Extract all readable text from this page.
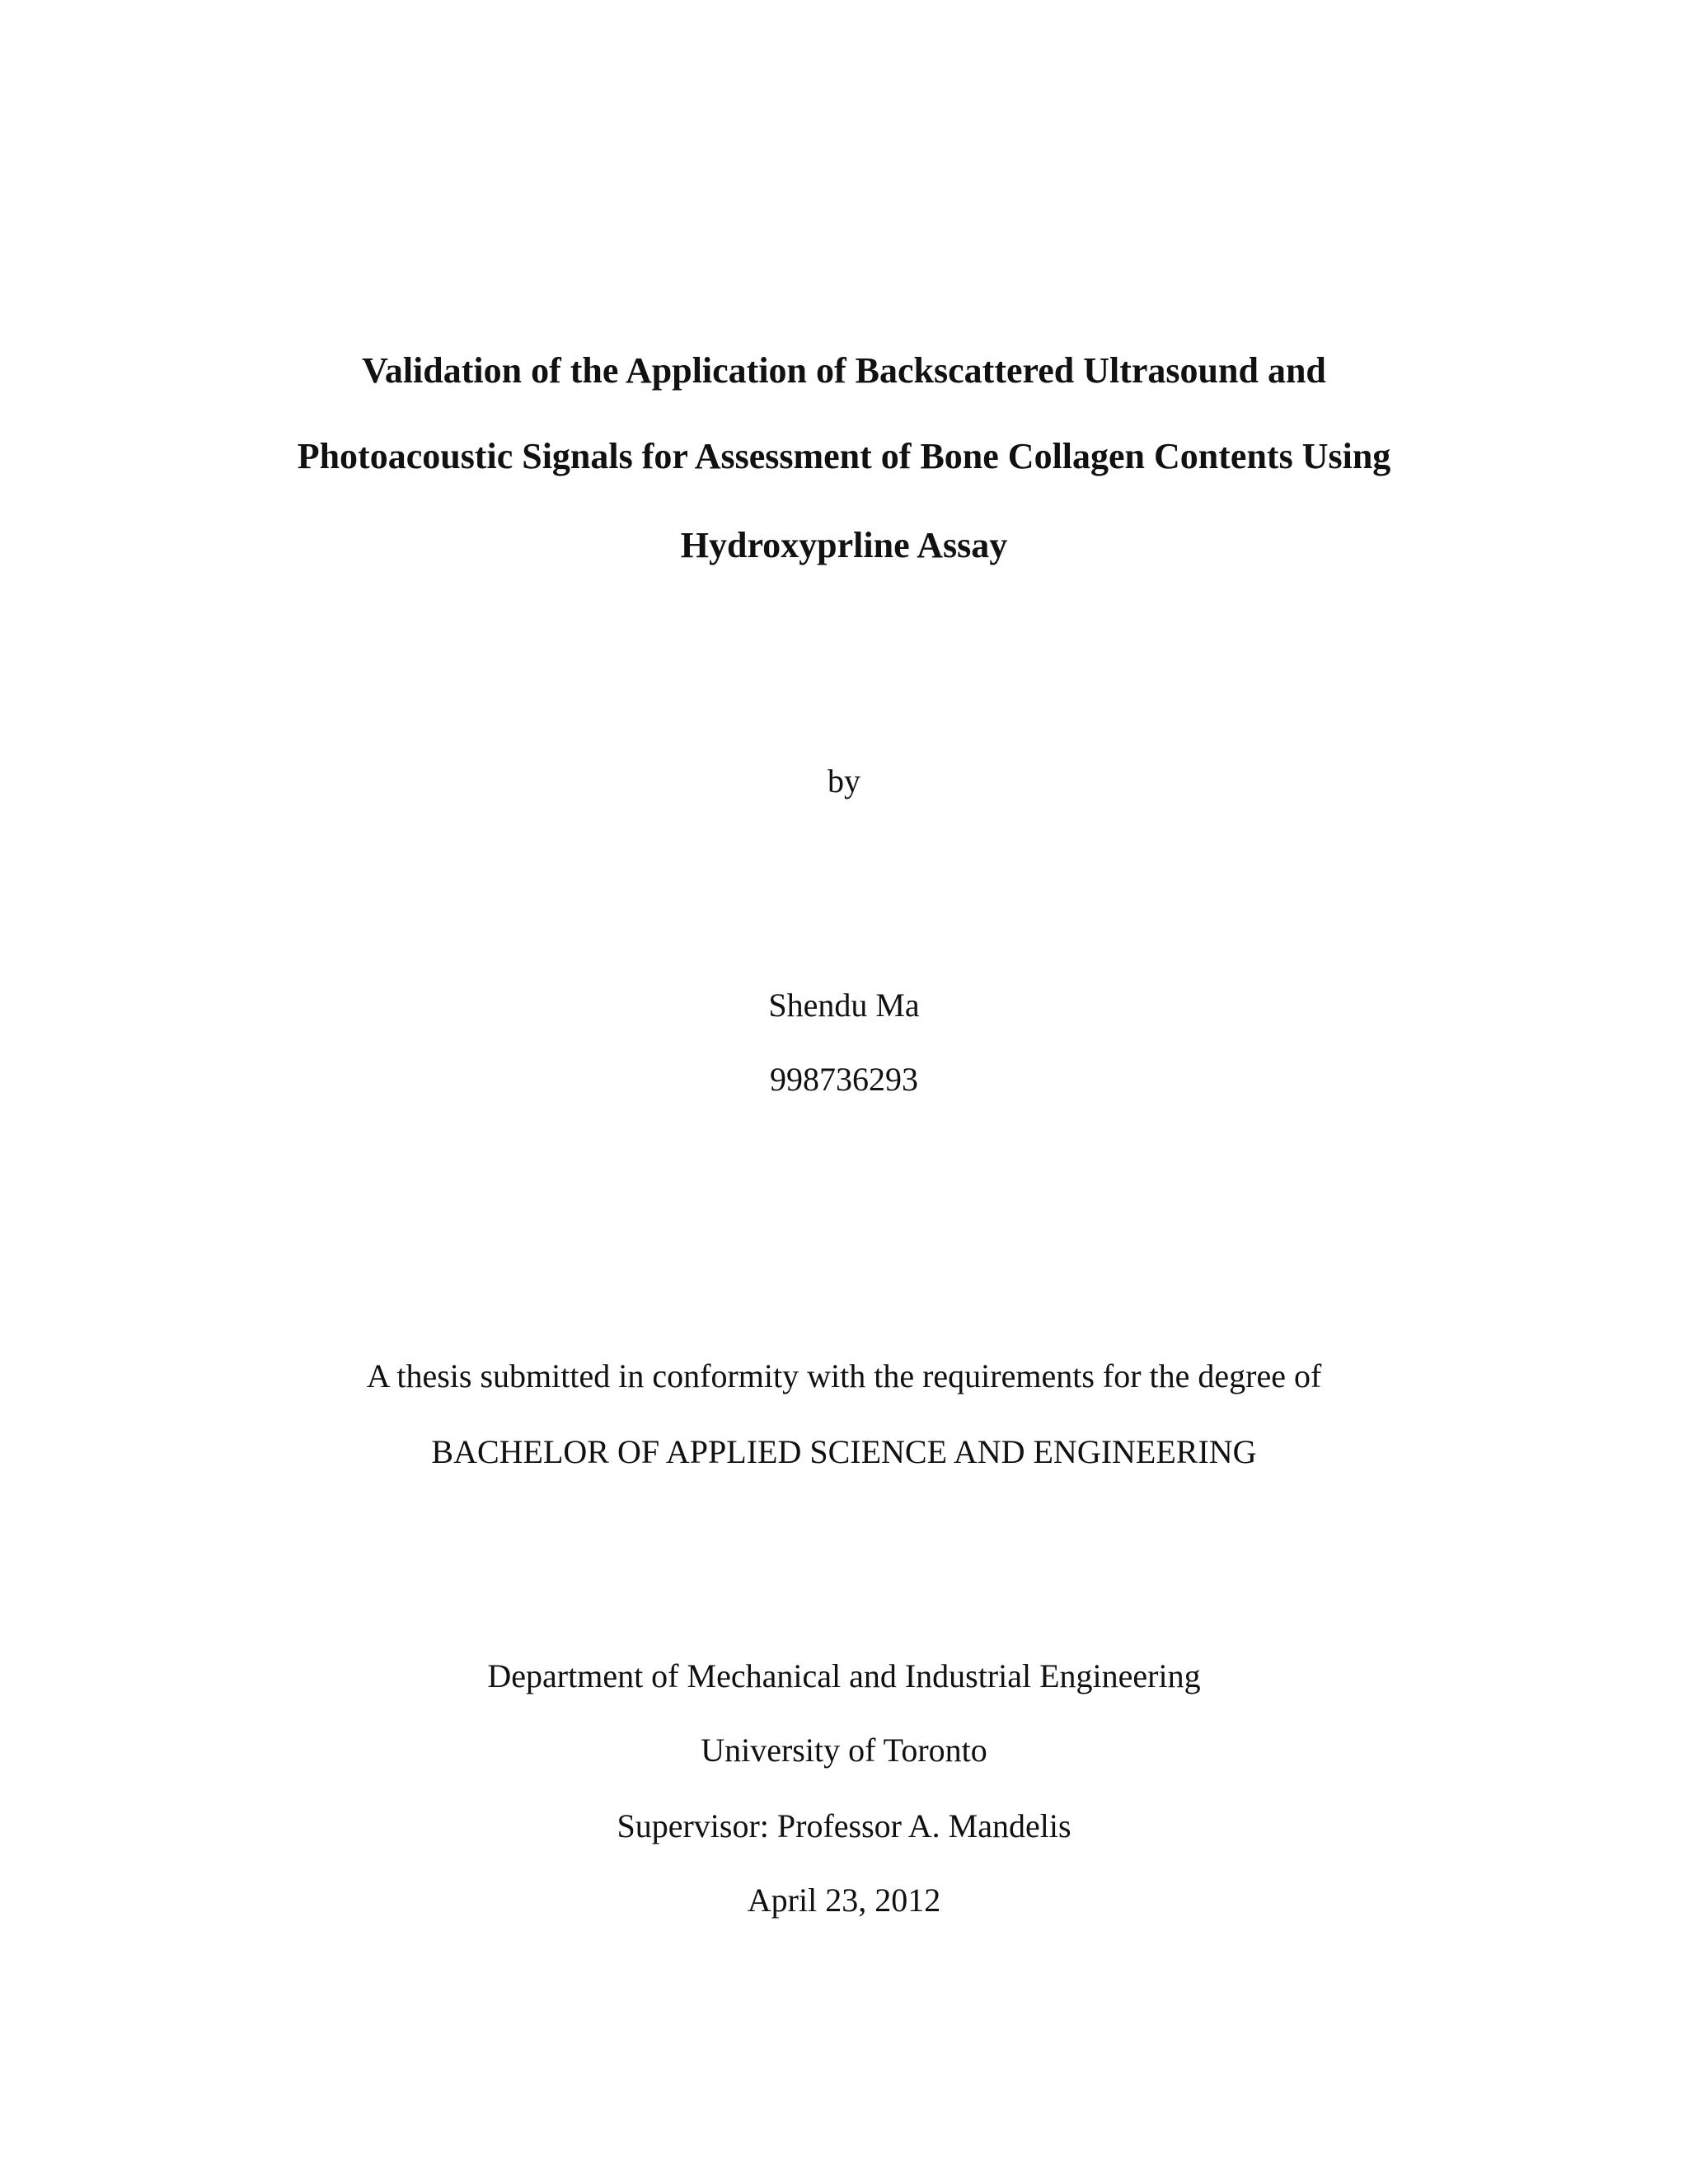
Validation of the Application of Backscattered Ultrasound and
Photoacoustic Signals for Assessment of Bone Collagen Contents Using
Hydroxyprline Assay
by
Shendu Ma
998736293
A thesis submitted in conformity with the requirements for the degree of
BACHELOR OF APPLIED SCIENCE AND ENGINEERING
Department of Mechanical and Industrial Engineering
University of Toronto
Supervisor: Professor A. Mandelis
April 23, 2012
